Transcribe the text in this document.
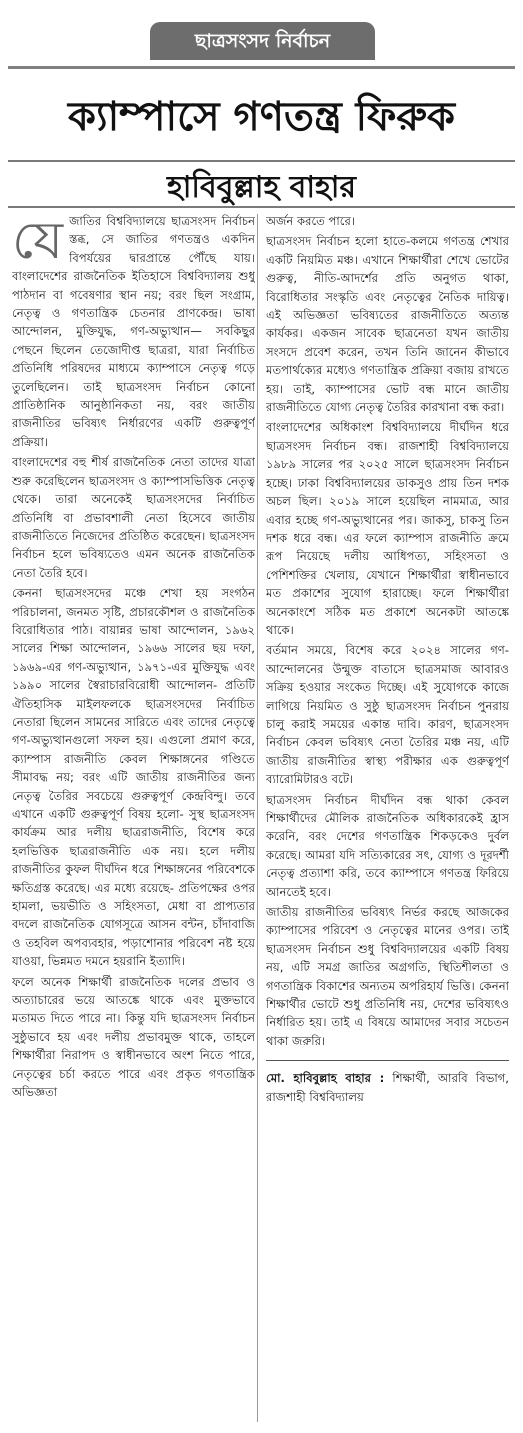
ছাত্রসংসদ নির্বাচন
ক্যাম্পাসে গণতন্ত্র ফিরুক
হাবিবুল্লাহ বাহার
যে জাতির বিশ্ববিদ্যালয়ে ছাত্রসংসদ নির্বাচন স্তব্ধ, সে জাতির গণতন্ত্রও একদিন বিপর্যয়ের দ্বারপ্রান্তে পৌঁছে যায়। বাংলাদেশের রাজনৈতিক ইতিহাসে বিশ্ববিদ্যালয় শুধু পাঠদান বা গবেষণার স্থান নয়; বরং ছিল সংগ্রাম, নেতৃত্ব ও গণতান্ত্রিক চেতনার প্রাণকেন্দ্র। ভাষা আন্দোলন, মুক্তিযুদ্ধ, গণ-অভ্যুত্থান— সবকিছুর পেছনে ছিলেন তেজোদীপ্ত ছাত্ররা, যারা নির্বাচিত প্রতিনিধি পরিষদের মাধ্যমে ক্যাম্পাসে নেতৃত্ব গড়ে তুলেছিলেন। তাই ছাত্রসংসদ নির্বাচন কোনো প্রাতিষ্ঠানিক আনুষ্ঠানিকতা নয়, বরং জাতীয় রাজনীতির ভবিষ্যৎ নির্ধারণের একটি গুরুত্বপূর্ণ প্রক্রিয়া।

বাংলাদেশের বহু শীর্ষ রাজনৈতিক নেতা তাদের যাত্রা শুরু করেছিলেন ছাত্রসংসদ ও ক্যাম্পাসভিত্তিক নেতৃত্ব থেকে। তারা অনেকেই ছাত্রসংসদের নির্বাচিত প্রতিনিধি বা প্রভাবশালী নেতা হিসেবে জাতীয় রাজনীতিতে নিজেদের প্রতিষ্ঠিত করেছেন। ছাত্রসংসদ নির্বাচন হলে ভবিষ্যতেও এমন অনেক রাজনৈতিক নেতা তৈরি হবে।

কেননা ছাত্রসংসদের মঞ্চে শেখা হয় সংগঠন পরিচালনা, জনমত সৃষ্টি, প্রচারকৌশল ও রাজনৈতিক বিরোধিতার পাঠ। বায়ান্নর ভাষা আন্দোলন, ১৯৬২ সালের শিক্ষা আন্দোলন, ১৯৬৬ সালের ছয় দফা, ১৯৬৯-এর গণ-অভ্যুত্থান, ১৯৭১-এর মুক্তিযুদ্ধ এবং ১৯৯০ সালের স্বৈরাচারবিরোধী আন্দোলন- প্রতিটি ঐতিহাসিক মাইলফলকে ছাত্রসংসদের নির্বাচিত নেতারা ছিলেন সামনের সারিতে এবং তাদের নেতৃত্বে গণ-অভ্যুত্থানগুলো সফল হয়। এগুলো প্রমাণ করে, ক্যাম্পাস রাজনীতি কেবল শিক্ষাঙ্গনের গণ্ডিতে সীমাবদ্ধ নয়; বরং এটি জাতীয় রাজনীতির জন্য নেতৃত্ব তৈরির সবচেয়ে গুরুত্বপূর্ণ কেন্দ্রবিন্দু। তবে এখানে একটি গুরুত্বপূর্ণ বিষয় হলো- সুস্থ ছাত্রসংসদ কার্যক্রম আর দলীয় ছাত্ররাজনীতি, বিশেষ করে হলভিত্তিক ছাত্ররাজনীতি এক নয়। হলে দলীয় রাজনীতির কুফল দীর্ঘদিন ধরে শিক্ষাঙ্গনের পরিবেশকে ক্ষতিগ্রস্ত করেছে। এর মধ্যে রয়েছে- প্রতিপক্ষের ওপর হামলা, ভয়ভীতি ও সহিংসতা, মেধা বা প্রাপ্যতার বদলে রাজনৈতিক যোগসূত্রে আসন বন্টন, চাঁদাবাজি ও তহবিল অপব্যবহার, পড়াশোনার পরিবেশ নষ্ট হয়ে যাওয়া, ভিন্নমত দমনে হয়রানি ইত্যাদি।

ফলে অনেক শিক্ষার্থী রাজনৈতিক দলের প্রভাব ও অত্যাচারের ভয়ে আতঙ্কে থাকে এবং মুক্তভাবে মতামত দিতে পারে না। কিন্তু যদি ছাত্রসংসদ নির্বাচন সুষ্ঠুভাবে হয় এবং দলীয় প্রভাবমুক্ত থাকে, তাহলে শিক্ষার্থীরা নিরাপদ ও স্বাধীনভাবে অংশ নিতে পারে, নেতৃত্বের চর্চা করতে পারে এবং প্রকৃত গণতান্ত্রিক অভিজ্ঞতা

অর্জন করতে পারে।

ছাত্রসংসদ নির্বাচন হলো হাতে-কলমে গণতন্ত্র শেখার একটি নিয়মিত মঞ্চ। এখানে শিক্ষার্থীরা শেখে ভোটের গুরুত্ব, নীতি-আদর্শের প্রতি অনুগত থাকা, বিরোধিতার সংস্কৃতি এবং নেতৃত্বের নৈতিক দায়িত্ব। এই অভিজ্ঞতা ভবিষ্যতের রাজনীতিতে অত্যন্ত কার্যকর। একজন সাবেক ছাত্রনেতা যখন জাতীয় সংসদে প্রবেশ করেন, তখন তিনি জানেন কীভাবে মতপার্থক্যের মধ্যেও গণতান্ত্রিক প্রক্রিয়া বজায় রাখতে হয়। তাই, ক্যাম্পাসের ভোট বন্ধ মানে জাতীয় রাজনীতিতে যোগ্য নেতৃত্ব তৈরির কারখানা বন্ধ করা।

বাংলাদেশের অধিকাংশ বিশ্ববিদ্যালয়ে দীর্ঘদিন ধরে ছাত্রসংসদ নির্বাচন বন্ধ। রাজশাহী বিশ্ববিদ্যালয়ে ১৯৮৯ সালের পর ২০২৫ সালে ছাত্রসংসদ নির্বাচন হচ্ছে। ঢাকা বিশ্ববিদ্যালয়ের ডাকসুও প্রায় তিন দশক অচল ছিল। ২০১৯ সালে হয়েছিল নামমাত্র, আর এবার হচ্ছে গণ-অভ্যুত্থানের পর। জাকসু, চাকসু তিন দশক ধরে বন্ধ। এর ফলে ক্যাম্পাস রাজনীতি ক্রমে রূপ নিয়েছে দলীয় আধিপত্য, সহিংসতা ও পেশিশক্তির খেলায়, যেখানে শিক্ষার্থীরা স্বাধীনভাবে মত প্রকাশের সুযোগ হারাচ্ছে। ফলে শিক্ষার্থীরা অনেকাংশে সঠিক মত প্রকাশে অনেকটা আতঙ্কে থাকে।

বর্তমান সময়ে, বিশেষ করে ২০২৪ সালের গণ-আন্দোলনের উন্মুক্ত বাতাসে ছাত্রসমাজ আবারও সক্রিয় হওয়ার সংকেত দিচ্ছে। এই সুযোগকে কাজে লাগিয়ে নিয়মিত ও সুষ্ঠু ছাত্রসংসদ নির্বাচন পুনরায় চালু করাই সময়ের একান্ত দাবি। কারণ, ছাত্রসংসদ নির্বাচন কেবল ভবিষ্যৎ নেতা তৈরির মঞ্চ নয়, এটি জাতীয় রাজনীতির স্বাস্থ্য পরীক্ষার এক গুরুত্বপূর্ণ ব্যারোমিটারও বটে।

ছাত্রসংসদ নির্বাচন দীর্ঘদিন বন্ধ থাকা কেবল শিক্ষার্থীদের মৌলিক রাজনৈতিক অধিকারকেই হ্রাস করেনি, বরং দেশের গণতান্ত্রিক শিকড়কেও দুর্বল করেছে। আমরা যদি সত্যিকারের সৎ, যোগ্য ও দূরদর্শী নেতৃত্ব প্রত্যাশা করি, তবে ক্যাম্পাসে গণতন্ত্র ফিরিয়ে আনতেই হবে।

জাতীয় রাজনীতির ভবিষ্যৎ নির্ভর করছে আজকের ক্যাম্পাসের পরিবেশ ও নেতৃত্বের মানের ওপর। তাই ছাত্রসংসদ নির্বাচন শুধু বিশ্ববিদ্যালয়ের একটি বিষয় নয়, এটি সমগ্র জাতির অগ্রগতি, স্থিতিশীলতা ও গণতান্ত্রিক বিকাশের অন্যতম অপরিহার্য ভিত্তি। কেননা শিক্ষার্থীর ভোটে শুধু প্রতিনিধি নয়, দেশের ভবিষ্যৎও নির্ধারিত হয়। তাই এ বিষয়ে আমাদের সবার সচেতন থাকা জরুরি।

মো. হাবিবুল্লাহ বাহার : শিক্ষার্থী, আরবি বিভাগ, রাজশাহী বিশ্ববিদ্যালয়
